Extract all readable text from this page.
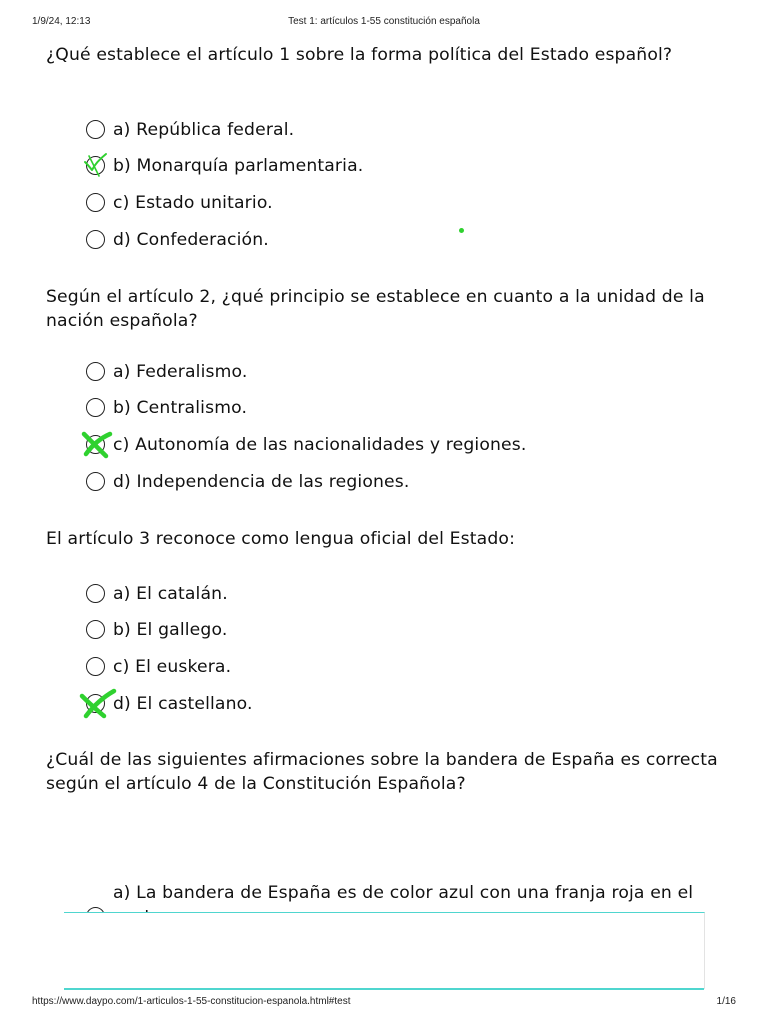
1/9/24, 12:13	Test 1: artículos 1-55 constitución española
¿Qué establece el artículo 1 sobre la forma política del Estado español?
a) República federal.
b) Monarquía parlamentaria.
c) Estado unitario.
d) Confederación.
Según el artículo 2, ¿qué principio se establece en cuanto a la unidad de la nación española?
a) Federalismo.
b) Centralismo.
c) Autonomía de las nacionalidades y regiones.
d) Independencia de las regiones.
El artículo 3 reconoce como lengua oficial del Estado:
a) El catalán.
b) El gallego.
c) El euskera.
d) El castellano.
¿Cuál de las siguientes afirmaciones sobre la bandera de España es correcta según el artículo 4 de la Constitución Española?
a) La bandera de España es de color azul con una franja roja en el
https://www.daypo.com/1-articulos-1-55-constitucion-espanola.html#test	1/16
